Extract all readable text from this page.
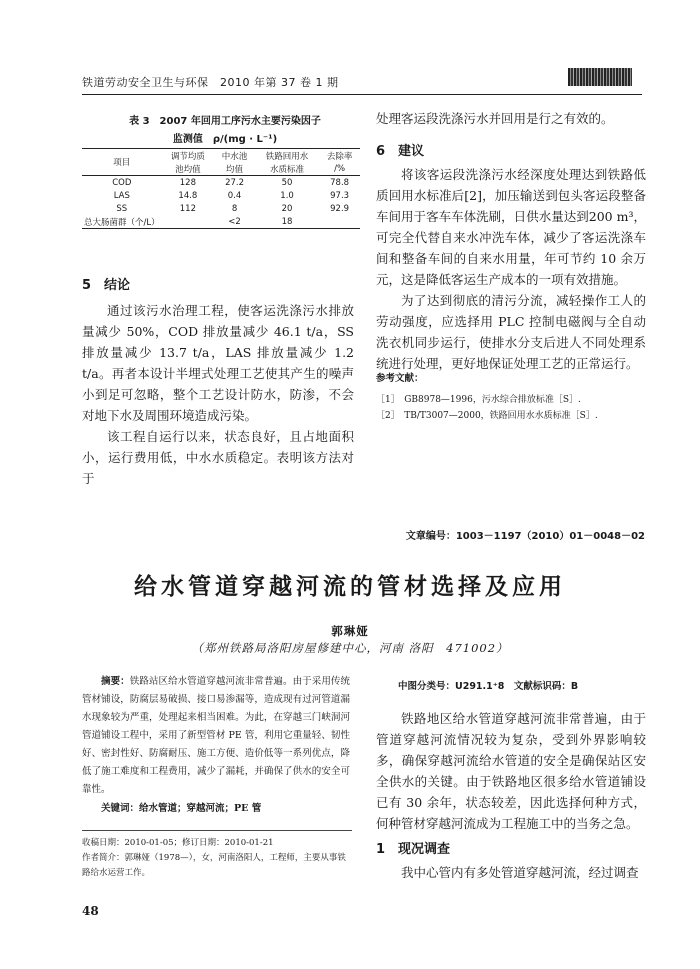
铁道劳动安全卫生与环保　2010 年第 37 卷 1 期
表 3　2007 年回用工序污水主要污染因子
监测值　ρ/(mg · L⁻¹)
项目	调节均质	中水池	铁路回用水	去除率
	池均值	均值	水质标准	/%
COD	128	27.2	50	78.8
LAS	14.8	0.4	1.0	97.3
SS	112	8	20	92.9
总大肠菌群（个/L）		<2	18	
5　结论

通过该污水治理工程，使客运洗涤污水排放量减少 50%，COD 排放量减少 46.1 t/a，SS 排放量减少 13.7 t/a，LAS 排放量减少 1.2 t/a。再者本设计半埋式处理工艺使其产生的噪声小到足可忽略，整个工艺设计防水，防渗，不会对地下水及周围环境造成污染。

该工程自运行以来，状态良好，且占地面积小，运行费用低，中水水质稳定。表明该方法对于

处理客运段洗涤污水并回用是行之有效的。

6　建议

将该客运段洗涤污水经深度处理达到铁路低质回用水标准后[2]，加压输送到包头客运段整备车间用于客车车体洗刷，日供水量达到200 m³，可完全代替自来水冲洗车体，减少了客运洗涤车间和整备车间的自来水用量，年可节约 10 余万元，这是降低客运生产成本的一项有效措施。

为了达到彻底的清污分流，减轻操作工人的劳动强度，应选择用 PLC 控制电磁阀与全自动洗衣机同步运行，使排水分支后进人不同处理系统进行处理，更好地保证处理工艺的正常运行。

参考文献：

［1］　GB8978—1996，污水综合排放标准［S］.

［2］　TB/T3007—2000，铁路回用水水质标准［S］.

文章编号：1003－1197（2010）01－0048－02
给水管道穿越河流的管材选择及应用
郭琳娅
（郑州铁路局洛阳房屋修建中心，河南 洛阳　471002）
摘要：铁路站区给水管道穿越河流非常普遍。由于采用传统管材铺设，防腐层易破损、接口易渗漏等，造成现有过河管道漏水现象较为严重，处理起来相当困难。为此，在穿越三门峡洞河管道铺设工程中，采用了新型管材 PE 管，利用它重量轻、韧性好、密封性好、防腐耐压、施工方便、造价低等一系列优点，降低了施工难度和工程费用，减少了漏耗，并确保了供水的安全可靠性。
关键词：给水管道；穿越河流；PE 管
中图分类号：U291.1⁺8　文献标识码：B

铁路地区给水管道穿越河流非常普遍，由于管道穿越河流情况较为复杂，受到外界影响较多，确保穿越河流给水管道的安全是确保站区安全供水的关键。由于铁路地区很多给水管道铺设已有 30 余年，状态较差，因此选择何种方式，何种管材穿越河流成为工程施工中的当务之急。

1　现况调查

我中心管内有多处管道穿越河流，经过调查

收稿日期：2010-01-05；修订日期：2010-01-21
作者简介：郭琳娅（1978—），女，河南洛阳人，工程师，主要从事铁路给水运营工作。
48
